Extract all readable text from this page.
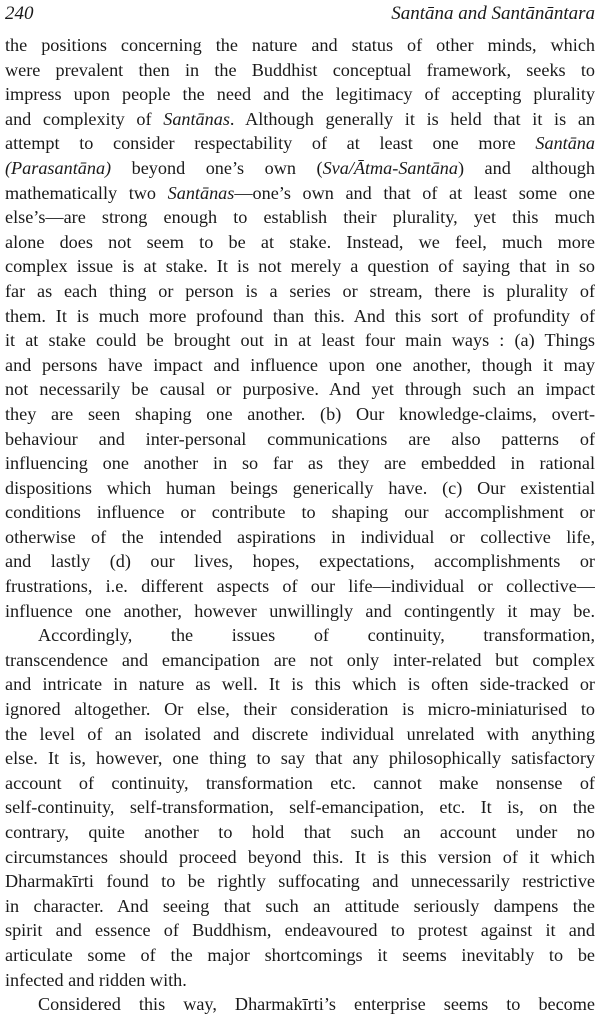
240	Santāna and Santānāntara
the positions concerning the nature and status of other minds, which
were prevalent then in the Buddhist conceptual framework, seeks to
impress upon people the need and the legitimacy of accepting plurality
and complexity of Santānas. Although generally it is held that it is an
attempt to consider respectability of at least one more Santāna
(Parasantāna) beyond one’s own (Sva/Ātma-Santāna) and although
mathematically two Santānas—one’s own and that of at least some one
else’s—are strong enough to establish their plurality, yet this much
alone does not seem to be at stake. Instead, we feel, much more
complex issue is at stake. It is not merely a question of saying that in so
far as each thing or person is a series or stream, there is plurality of
them. It is much more profound than this. And this sort of profundity of
it at stake could be brought out in at least four main ways : (a) Things
and persons have impact and influence upon one another, though it may
not necessarily be causal or purposive. And yet through such an impact
they are seen shaping one another. (b) Our knowledge-claims, overt-
behaviour and inter-personal communications are also patterns of
influencing one another in so far as they are embedded in rational
dispositions which human beings generically have. (c) Our existential
conditions influence or contribute to shaping our accomplishment or
otherwise of the intended aspirations in individual or collective life,
and lastly (d) our lives, hopes, expectations, accomplishments or
frustrations, i.e. different aspects of our life—individual or collective—
influence one another, however unwillingly and contingently it may be.
Accordingly, the issues of continuity, transformation,
transcendence and emancipation are not only inter-related but complex
and intricate in nature as well. It is this which is often side-tracked or
ignored altogether. Or else, their consideration is micro-miniaturised to
the level of an isolated and discrete individual unrelated with anything
else. It is, however, one thing to say that any philosophically satisfactory
account of continuity, transformation etc. cannot make nonsense of
self-continuity, self-transformation, self-emancipation, etc. It is, on the
contrary, quite another to hold that such an account under no
circumstances should proceed beyond this. It is this version of it which
Dharmakīrti found to be rightly suffocating and unnecessarily restrictive
in character. And seeing that such an attitude seriously dampens the
spirit and essence of Buddhism, endeavoured to protest against it and
articulate some of the major shortcomings it seems inevitably to be
infected and ridden with.
Considered this way, Dharmakīrti’s enterprise seems to become
